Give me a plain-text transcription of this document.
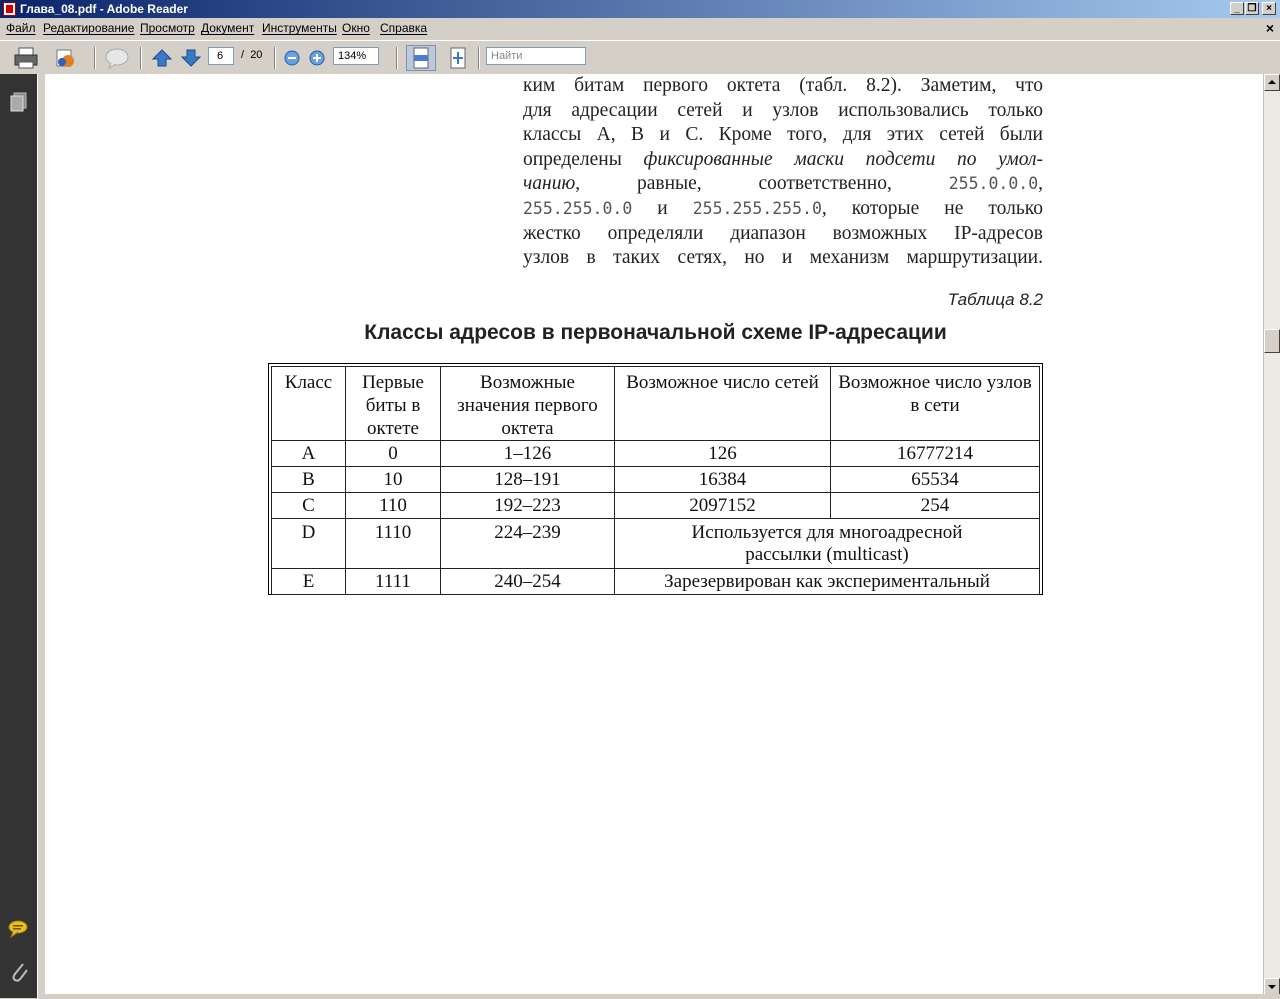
Глава_08.pdf - Adobe Reader	_ ❐ ×
Файл Редактирование Просмотр Документ Инструменты Окно Справка	×
6	/ 20	134%	Найти
ким битам первого октета (табл. 8.2). Заметим, что
для адресации сетей и узлов использовались только
классы A, B и C. Кроме того, для этих сетей были
определены фиксированные маски подсети по умол-
чанию, равные, соответственно, 255.0.0.0,
255.255.0.0 и 255.255.255.0, которые не только
жестко определяли диапазон возможных IP-адресов
узлов в таких сетях, но и механизм маршрутизации.
Таблица 8.2
Классы адресов в первоначальной схеме IP-адресации
Класс	Первые биты в октете	Возможные значения первого октета	Возможное число сетей	Возможное число узлов в сети
A	0	1–126	126	16777214
B	10	128–191	16384	65534
C	110	192–223	2097152	254
D	1110	224–239	Используется для многоадресной рассылки (multicast)	
E	1111	240–254	Зарезервирован как экспериментальный	
